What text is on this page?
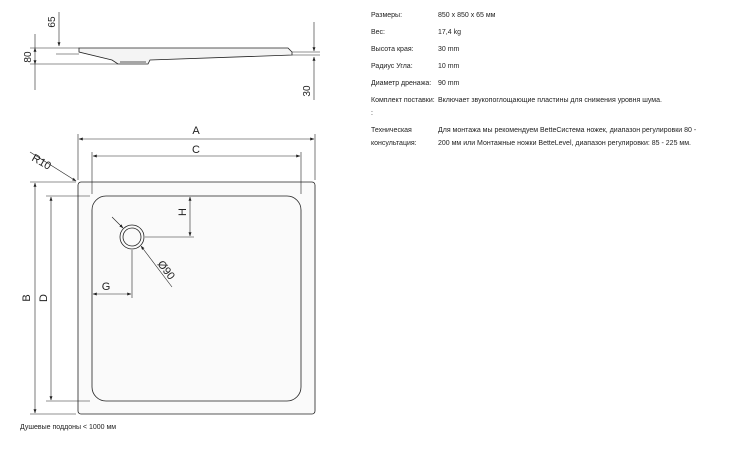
65
80
30
A
C
B D
G
H
R10
Ø90
Душевые поддоны < 1000 мм
Размеры:	850 x 850 x 65 мм
Вес:	17,4 kg
Высота края:	30 mm
Радиус Угла:	10 mm
Диаметр дренажа: 90 mm
Комплект поставки: :
Включает звукопоглощающие пластины для снижения уровня шума.
Техническая консультация:
Для монтажа мы рекомендуем BetteСистема ножек, диапазон регулировки 80 - 200 мм или Монтажные ножки BetteLevel, диапазон регулировки: 85 - 225 мм.
